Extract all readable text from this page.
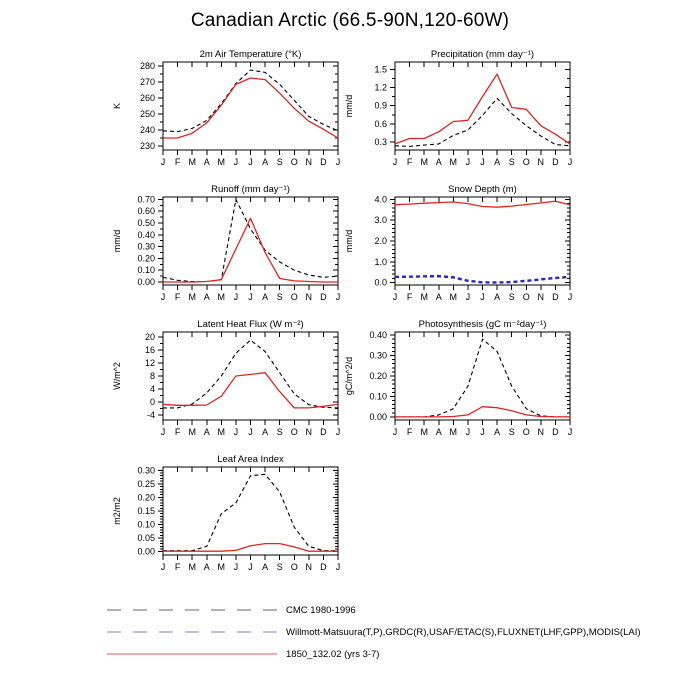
Canadian Arctic (66.5-90N,120-60W)
J F M A M J J A S O N D J
230
240
250
260
270
280
2m Air Temperature (°K)
K
J F M A M J J A S O N D J
0.3
0.6
0.9
1.2
1.5
Precipitation (mm day⁻¹)
mm/d
J F M A M J J A S O N D J
0.00
0.10
0.20
0.30
0.40
0.50
0.60
0.70
Runoff (mm day⁻¹)
mm/d
J F M A M J J A S O N D J
0.0
1.0
2.0
3.0
4.0
Snow Depth (m)
mm/d
J F M A M J J A S O N D J
-4
0
4
8
12
16
20
Latent Heat Flux (W m⁻²)
W/m^2
J F M A M J J A S O N D J
0.00
0.10
0.20
0.30
0.40
Photosynthesis (gC m⁻²day⁻¹)
gC/m^2/d
J F M A M J J A S O N D J
0.00
0.05
0.10
0.15
0.20
0.25
0.30
Leaf Area Index
m2/m2
CMC 1980-1996
Willmott-Matsuura(T,P),GRDC(R),USAF/ETAC(S),FLUXNET(LHF,GPP),MODIS(LAI)
1850_132.02 (yrs 3-7)
